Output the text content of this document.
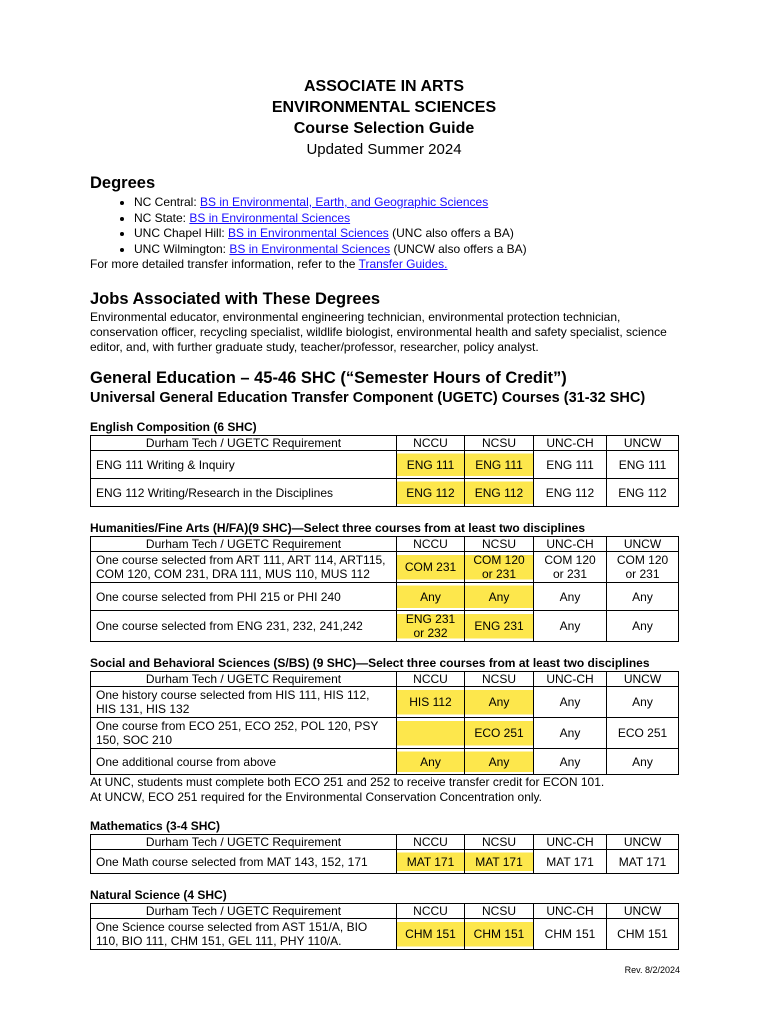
ASSOCIATE IN ARTS
ENVIRONMENTAL SCIENCES
Course Selection Guide
Updated Summer 2024
Degrees
• NC Central: BS in Environmental, Earth, and Geographic Sciences
• NC State: BS in Environmental Sciences
• UNC Chapel Hill: BS in Environmental Sciences (UNC also offers a BA)
• UNC Wilmington: BS in Environmental Sciences (UNCW also offers a BA)
For more detailed transfer information, refer to the Transfer Guides.
Jobs Associated with These Degrees
Environmental educator, environmental engineering technician, environmental protection technician, conservation officer, recycling specialist, wildlife biologist, environmental health and safety specialist, science editor, and, with further graduate study, teacher/professor, researcher, policy analyst.
General Education – 45-46 SHC (“Semester Hours of Credit”)
Universal General Education Transfer Component (UGETC) Courses (31-32 SHC)
English Composition (6 SHC)
Durham Tech / UGETC Requirement	NCCU	NCSU	UNC-CH	UNCW
ENG 111 Writing & Inquiry	ENG 111	ENG 111	ENG 111	ENG 111
ENG 112 Writing/Research in the Disciplines	ENG 112	ENG 112	ENG 112	ENG 112
Humanities/Fine Arts (H/FA)(9 SHC)—Select three courses from at least two disciplines
Durham Tech / UGETC Requirement	NCCU	NCSU	UNC-CH	UNCW
One course selected from ART 111, ART 114, ART115, COM 120, COM 231, DRA 111, MUS 110, MUS 112	COM 231	COM 120 or 231	COM 120 or 231	COM 120 or 231
One course selected from PHI 215 or PHI 240	Any	Any	Any	Any
One course selected from ENG 231, 232, 241,242	ENG 231 or 232	ENG 231	Any	Any
Social and Behavioral Sciences (S/BS) (9 SHC)—Select three courses from at least two disciplines
Durham Tech / UGETC Requirement	NCCU	NCSU	UNC-CH	UNCW
One history course selected from HIS 111, HIS 112, HIS 131, HIS 132	HIS 112	Any	Any	Any
One course from ECO 251, ECO 252, POL 120, PSY 150, SOC 210		ECO 251	Any	ECO 251
One additional course from above	Any	Any	Any	Any
At UNC, students must complete both ECO 251 and 252 to receive transfer credit for ECON 101.
At UNCW, ECO 251 required for the Environmental Conservation Concentration only.
Mathematics (3-4 SHC)
Durham Tech / UGETC Requirement	NCCU	NCSU	UNC-CH	UNCW
One Math course selected from MAT 143, 152, 171	MAT 171	MAT 171	MAT 171	MAT 171
Natural Science (4 SHC)
Durham Tech / UGETC Requirement	NCCU	NCSU	UNC-CH	UNCW
One Science course selected from AST 151/A, BIO 110, BIO 111, CHM 151, GEL 111, PHY 110/A.	CHM 151	CHM 151	CHM 151	CHM 151
Rev. 8/2/2024
